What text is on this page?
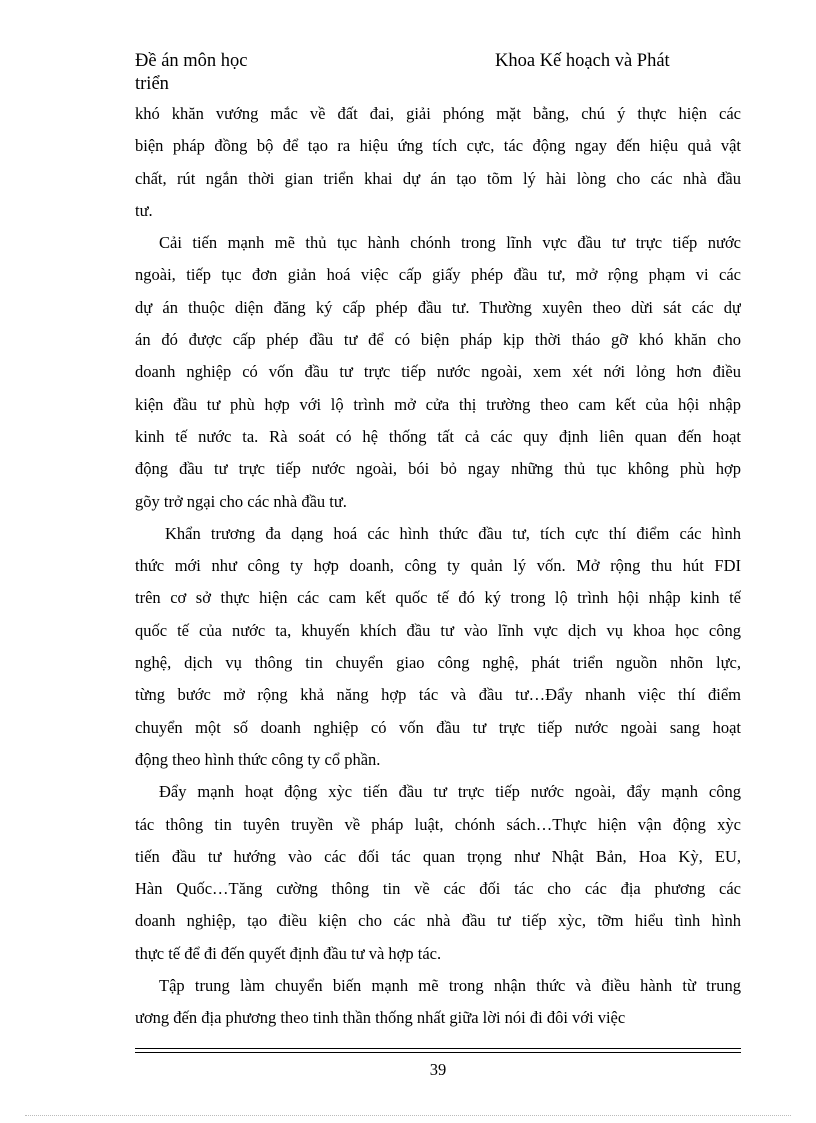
Đề án môn học
triển
Khoa Kế hoạch và Phát
khó khăn vướng mắc về đất đai, giải phóng mặt bằng, chú ý thực hiện các
biện pháp đồng bộ để tạo ra hiệu ứng tích cực, tác động ngay đến hiệu quả vật
chất, rút ngắn thời gian triển khai dự án tạo tõm lý hài lòng cho các nhà đầu
tư.
Cải tiến mạnh mẽ thủ tục hành chónh trong lĩnh vực đầu tư trực tiếp nước
ngoài, tiếp tục đơn giản hoá việc cấp giấy phép đầu tư, mở rộng phạm vi các
dự án thuộc diện đăng ký cấp phép đầu tư. Thường xuyên theo dừi sát các dự
án đó được cấp phép đầu tư để có biện pháp kịp thời tháo gỡ khó khăn cho
doanh nghiệp có vốn đầu tư trực tiếp nước ngoài, xem xét nới lỏng hơn điều
kiện đầu tư phù hợp với lộ trình mở cửa thị trường theo cam kết của hội nhập
kinh tế nước ta. Rà soát có hệ thống tất cả các quy định liên quan đến hoạt
động đầu tư trực tiếp nước ngoài, bói bỏ ngay những thủ tục không phù hợp
gõy trở ngại cho các nhà đầu tư.
Khẩn trương đa dạng hoá các hình thức đầu tư, tích cực thí điểm các hình
thức mới như công ty hợp doanh, công ty quản lý vốn. Mở rộng thu hút FDI
trên cơ sở thực hiện các cam kết quốc tế đó ký trong lộ trình hội nhập kinh tế
quốc tế của nước ta, khuyến khích đầu tư vào lĩnh vực dịch vụ khoa học công
nghệ, dịch vụ thông tin chuyển giao công nghệ, phát triển nguồn nhõn lực,
từng bước mở rộng khả năng hợp tác và đầu tư…Đẩy nhanh việc thí điểm
chuyển một số doanh nghiệp có vốn đầu tư trực tiếp nước ngoài sang hoạt
động theo hình thức công ty cổ phần.
Đẩy mạnh hoạt động xỳc tiến đầu tư trực tiếp nước ngoài, đẩy mạnh công
tác thông tin tuyên truyền về pháp luật, chónh sách…Thực hiện vận động xỳc
tiến đầu tư hướng vào các đối tác quan trọng như Nhật Bản, Hoa Kỳ, EU,
Hàn Quốc…Tăng cường thông tin về các đối tác cho các địa phương các
doanh nghiệp, tạo điều kiện cho các nhà đầu tư tiếp xỳc, tỡm hiểu tình hình
thực tế để đi đến quyết định đầu tư và hợp tác.
Tập trung làm chuyển biến mạnh mẽ trong nhận thức và điều hành từ trung
ương đến địa phương theo tinh thần thống nhất giữa lời nói đi đôi với việc
39
